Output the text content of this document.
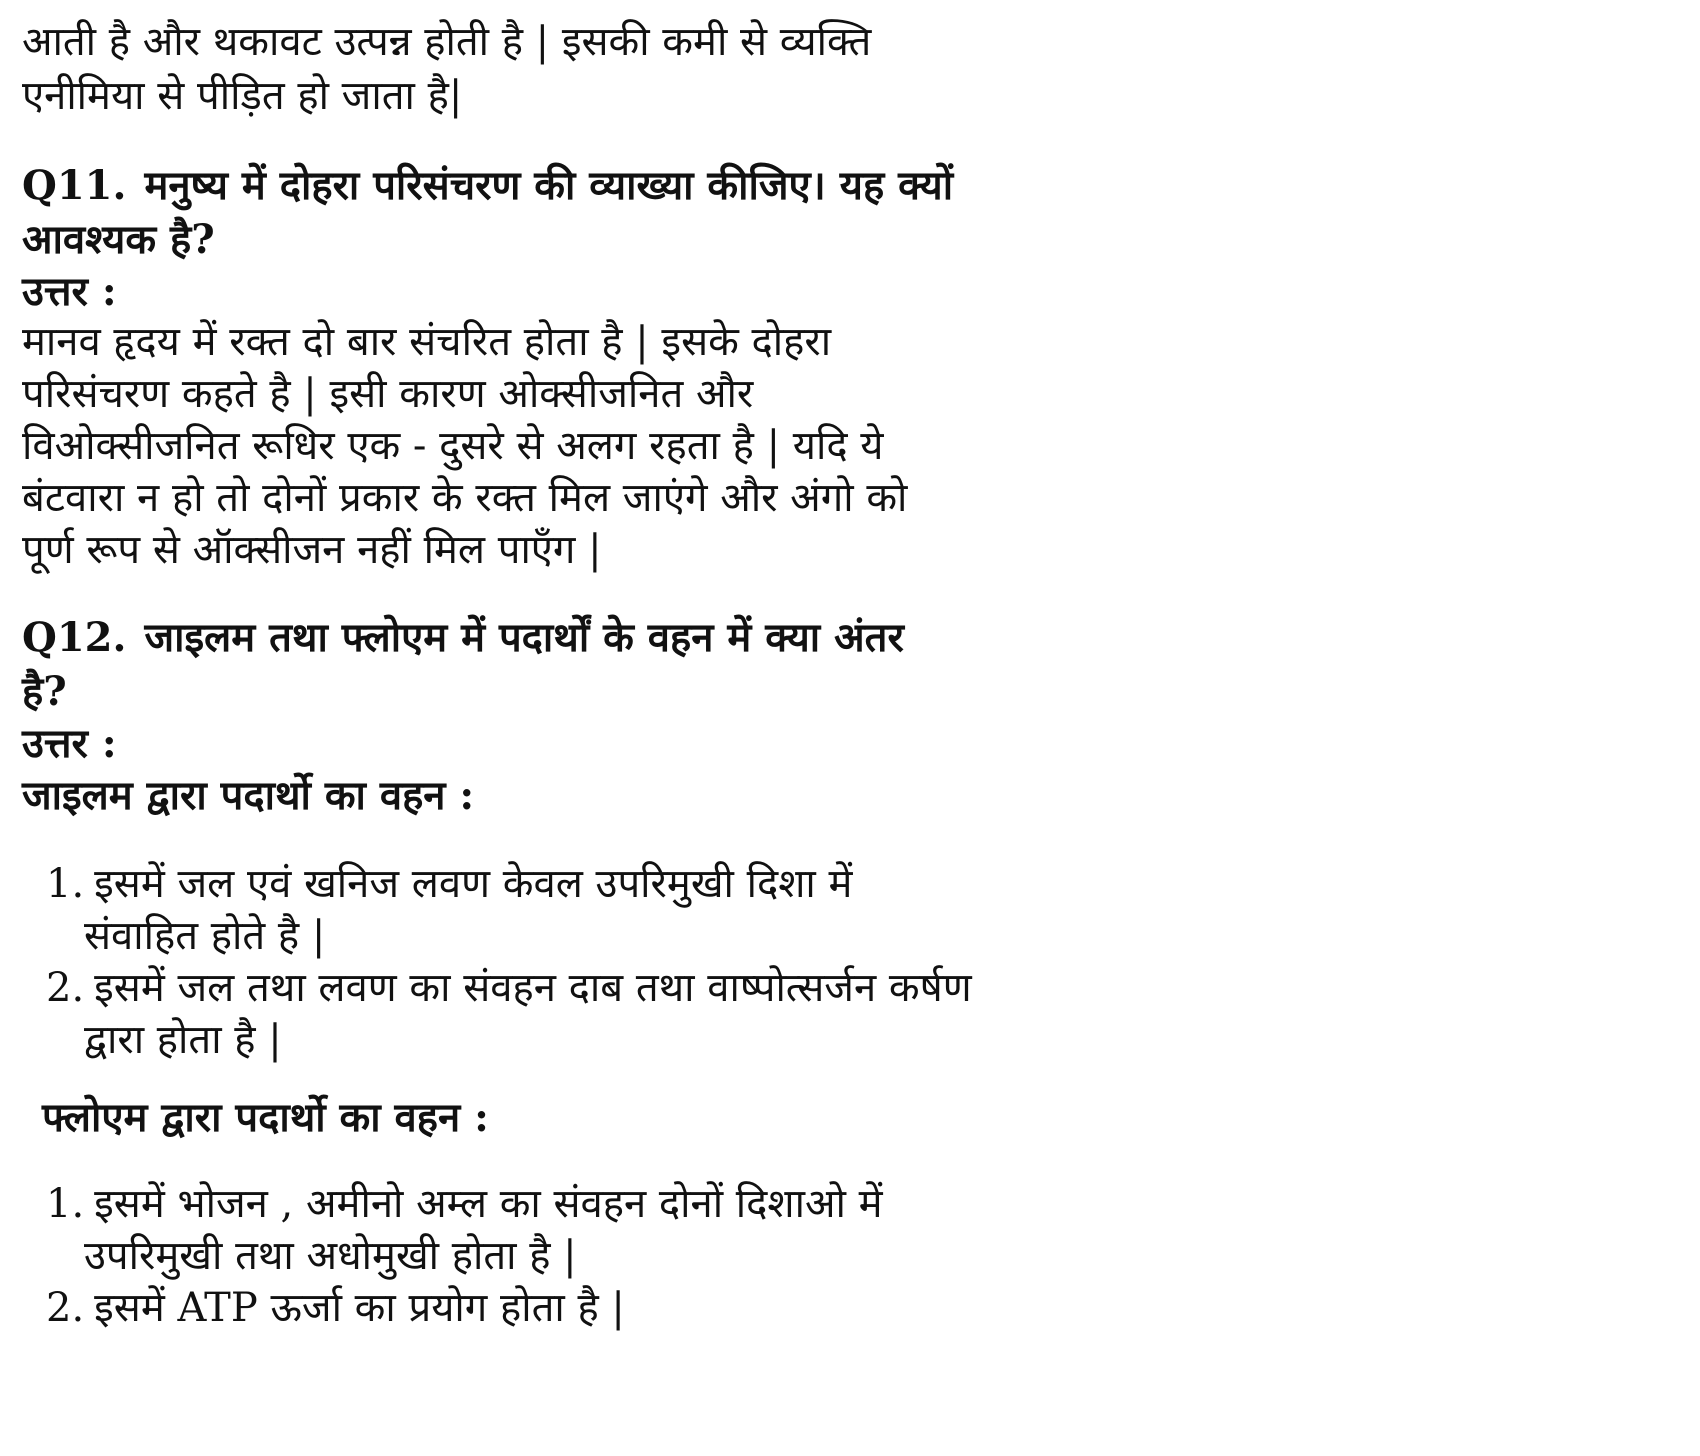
आती है और थकावट उत्पन्न होती है | इसकी कमी से व्यक्ति

एनीमिया से पीड़ित हो जाता है|

Q11. मनुष्य में दोहरा परिसंचरण की व्याख्या कीजिए। यह क्यों

आवश्यक है?

उत्तर :

मानव हृदय में रक्त दो बार संचरित होता है | इसके दोहरा

परिसंचरण कहते है | इसी कारण ओक्सीजनित और

विओक्सीजनित रूधिर एक - दुसरे से अलग रहता है | यदि ये

बंटवारा न हो तो दोनों प्रकार के रक्त मिल जाएंगे और अंगो को

पूर्ण रूप से ऑक्सीजन नहीं मिल पाएँग |

Q12. जाइलम तथा फ्लोएम में पदार्थों के वहन में क्या अंतर

है?

उत्तर :

जाइलम द्वारा पदार्थो का वहन :

1. इसमें जल एवं खनिज लवण केवल उपरिमुखी दिशा में

संवाहित होते है |

2. इसमें जल तथा लवण का संवहन दाब तथा वाष्पोत्सर्जन कर्षण

द्वारा होता है |

फ्लोएम द्वारा पदार्थो का वहन :

1. इसमें भोजन , अमीनो अम्ल का संवहन दोनों दिशाओ में

उपरिमुखी तथा अधोमुखी होता है |

2. इसमें ATP ऊर्जा का प्रयोग होता है |
